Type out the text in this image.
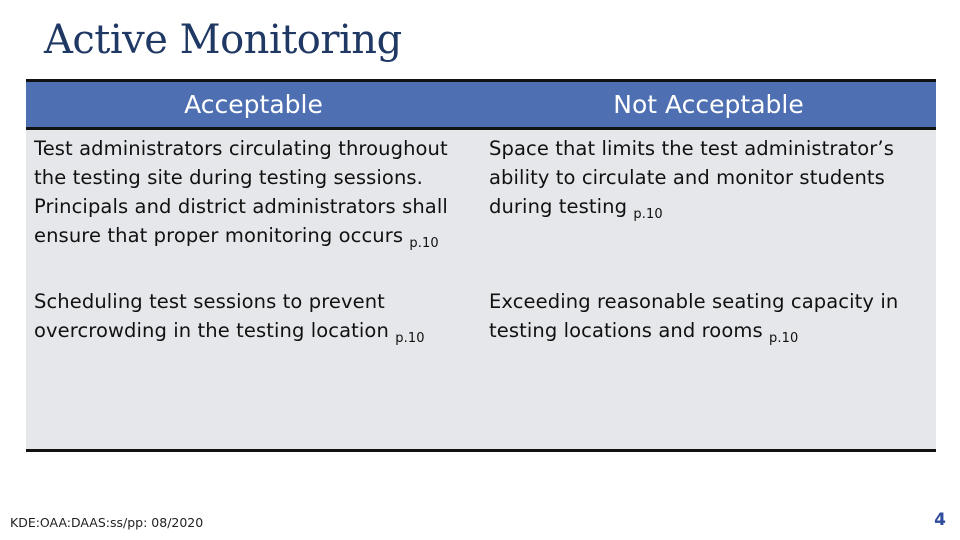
Active Monitoring
Acceptable	Not Acceptable
Test administrators circulating throughout the testing site during testing sessions. Principals and district administrators shall ensure that proper monitoring occurs $_{p.10}$
Space that limits the test administrator’s ability to circulate and monitor students during testing $_{p.10}$
Scheduling test sessions to prevent overcrowding in the testing location $_{p.10}$
Exceeding reasonable seating capacity in testing locations and rooms $_{p.10}$
KDE:OAA:DAAS:ss/pp: 08/2020	4
